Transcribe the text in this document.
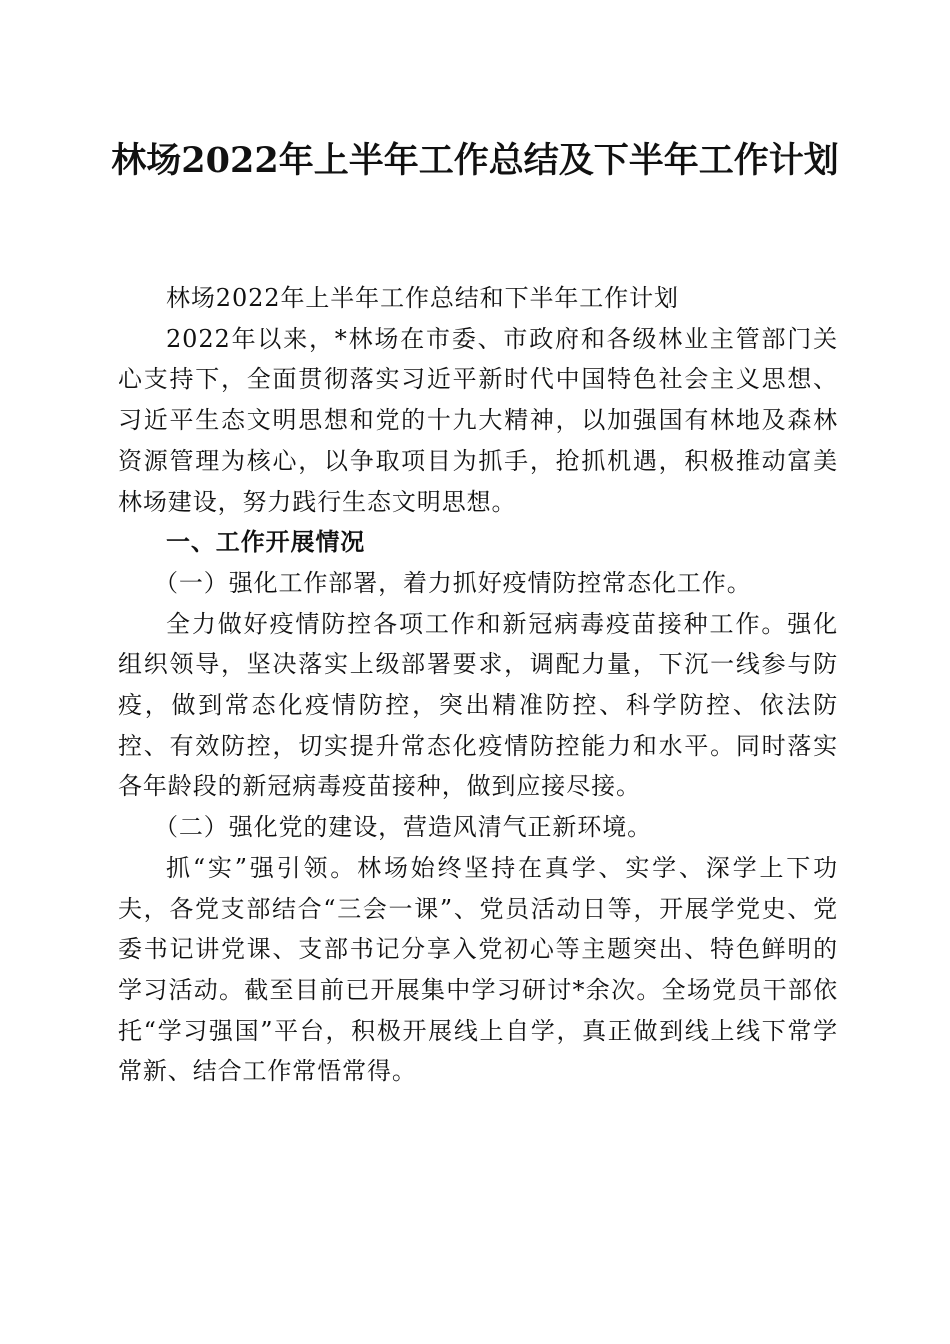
林场2022年上半年工作总结及下半年工作计划

林场2022年上半年工作总结和下半年工作计划

2022年以来，*林场在市委、市政府和各级林业主管部门关心支持下，全面贯彻落实习近平新时代中国特色社会主义思想、习近平生态文明思想和党的十九大精神，以加强国有林地及森林资源管理为核心，以争取项目为抓手，抢抓机遇，积极推动富美林场建设，努力践行生态文明思想。

一、工作开展情况

（一）强化工作部署，着力抓好疫情防控常态化工作。

全力做好疫情防控各项工作和新冠病毒疫苗接种工作。强化组织领导，坚决落实上级部署要求，调配力量，下沉一线参与防疫，做到常态化疫情防控，突出精准防控、科学防控、依法防控、有效防控，切实提升常态化疫情防控能力和水平。同时落实各年龄段的新冠病毒疫苗接种，做到应接尽接。

（二）强化党的建设，营造风清气正新环境。

抓“实”强引领。林场始终坚持在真学、实学、深学上下功夫，各党支部结合“三会一课”、党员活动日等，开展学党史、党委书记讲党课、支部书记分享入党初心等主题突出、特色鲜明的学习活动。截至目前已开展集中学习研讨*余次。全场党员干部依托“学习强国”平台，积极开展线上自学，真正做到线上线下常学常新、结合工作常悟常得。
